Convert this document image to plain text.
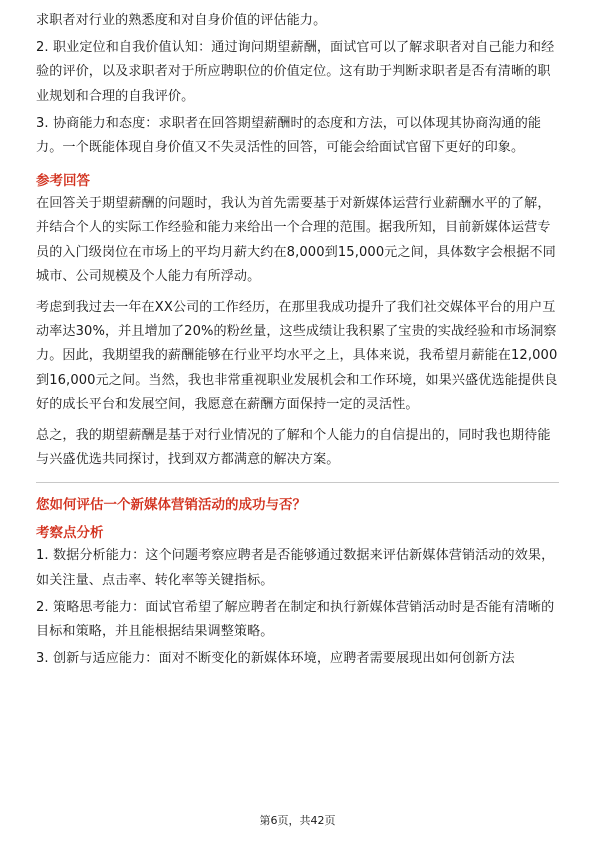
求职者对行业的熟悉度和对自身价值的评估能力。

2. 职业定位和自我价值认知：通过询问期望薪酬，面试官可以了解求职者对自己能力和经验的评价，以及求职者对于所应聘职位的价值定位。这有助于判断求职者是否有清晰的职业规划和合理的自我评价。

3. 协商能力和态度：求职者在回答期望薪酬时的态度和方法，可以体现其协商沟通的能力。一个既能体现自身价值又不失灵活性的回答，可能会给面试官留下更好的印象。

参考回答

在回答关于期望薪酬的问题时，我认为首先需要基于对新媒体运营行业薪酬水平的了解，并结合个人的实际工作经验和能力来给出一个合理的范围。据我所知，目前新媒体运营专员的入门级岗位在市场上的平均月薪大约在8,000到15,000元之间，具体数字会根据不同城市、公司规模及个人能力有所浮动。

考虑到我过去一年在XX公司的工作经历，在那里我成功提升了我们社交媒体平台的用户互动率达30%，并且增加了20%的粉丝量，这些成绩让我积累了宝贵的实战经验和市场洞察力。因此，我期望我的薪酬能够在行业平均水平之上，具体来说，我希望月薪能在12,000到16,000元之间。当然，我也非常重视职业发展机会和工作环境，如果兴盛优选能提供良好的成长平台和发展空间，我愿意在薪酬方面保持一定的灵活性。

总之，我的期望薪酬是基于对行业情况的了解和个人能力的自信提出的，同时我也期待能与兴盛优选共同探讨，找到双方都满意的解决方案。

您如何评估一个新媒体营销活动的成功与否？
考察点分析

1. 数据分析能力：这个问题考察应聘者是否能够通过数据来评估新媒体营销活动的效果，如关注量、点击率、转化率等关键指标。

2. 策略思考能力：面试官希望了解应聘者在制定和执行新媒体营销活动时是否能有清晰的目标和策略，并且能根据结果调整策略。

3. 创新与适应能力：面对不断变化的新媒体环境，应聘者需要展现出如何创新方法

第6页，共42页
